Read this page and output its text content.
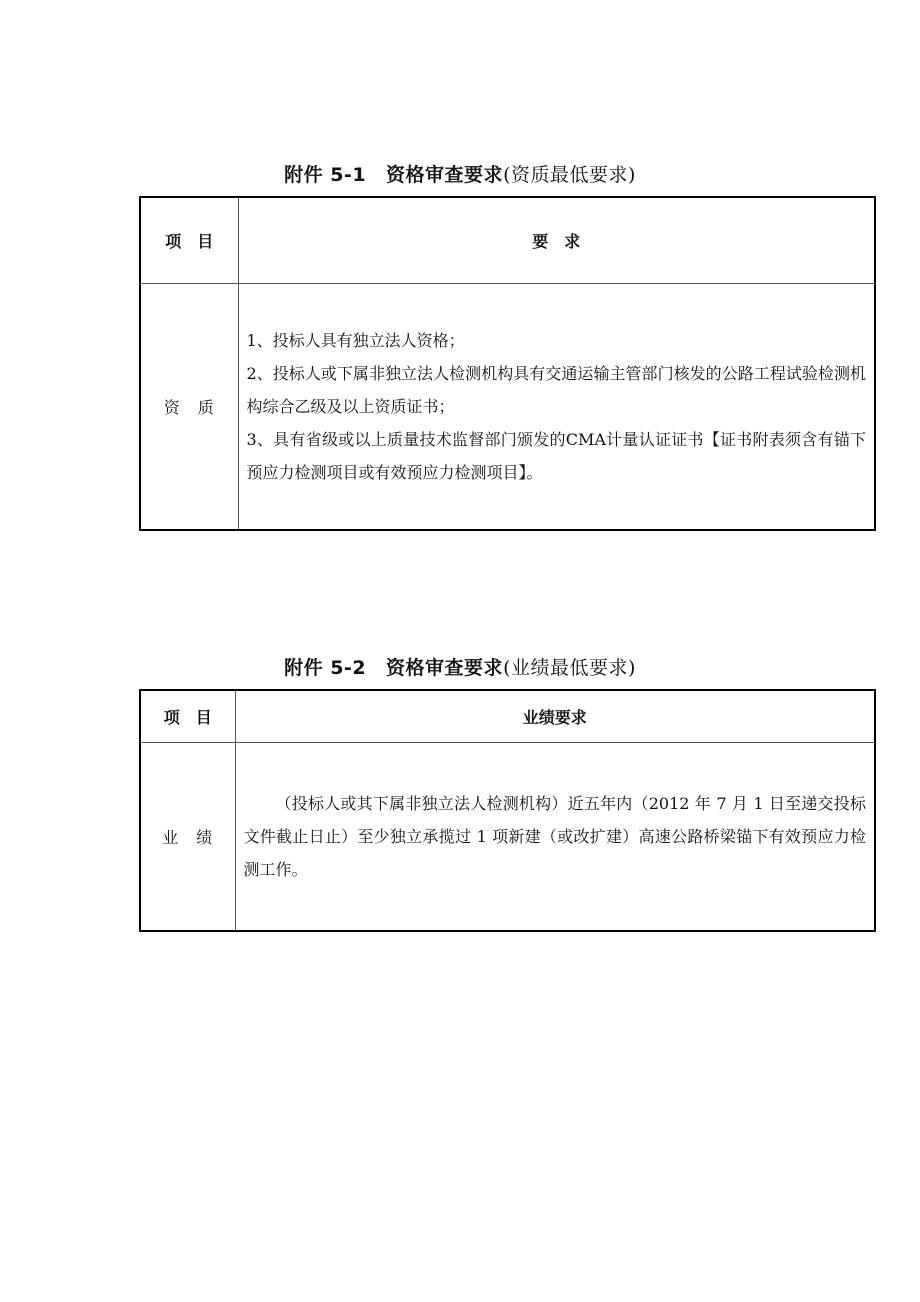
附件 5-1 资格审查要求(资质最低要求)
项　目	要　求
资　质	1、投标人具有独立法人资格；

2、投标人或下属非独立法人检测机构具有交通运输主管部门核发的公路工程试验检测机构综合乙级及以上资质证书；

3、具有省级或以上质量技术监督部门颁发的CMA计量认证证书【证书附表须含有锚下预应力检测项目或有效预应力检测项目】。

附件 5-2 资格审查要求(业绩最低要求)
项　目	业绩要求
业　绩	（投标人或其下属非独立法人检测机构）近五年内（2012 年 7 月 1 日至递交投标文件截止日止）至少独立承揽过 1 项新建（或改扩建）高速公路桥梁锚下有效预应力检测工作。
